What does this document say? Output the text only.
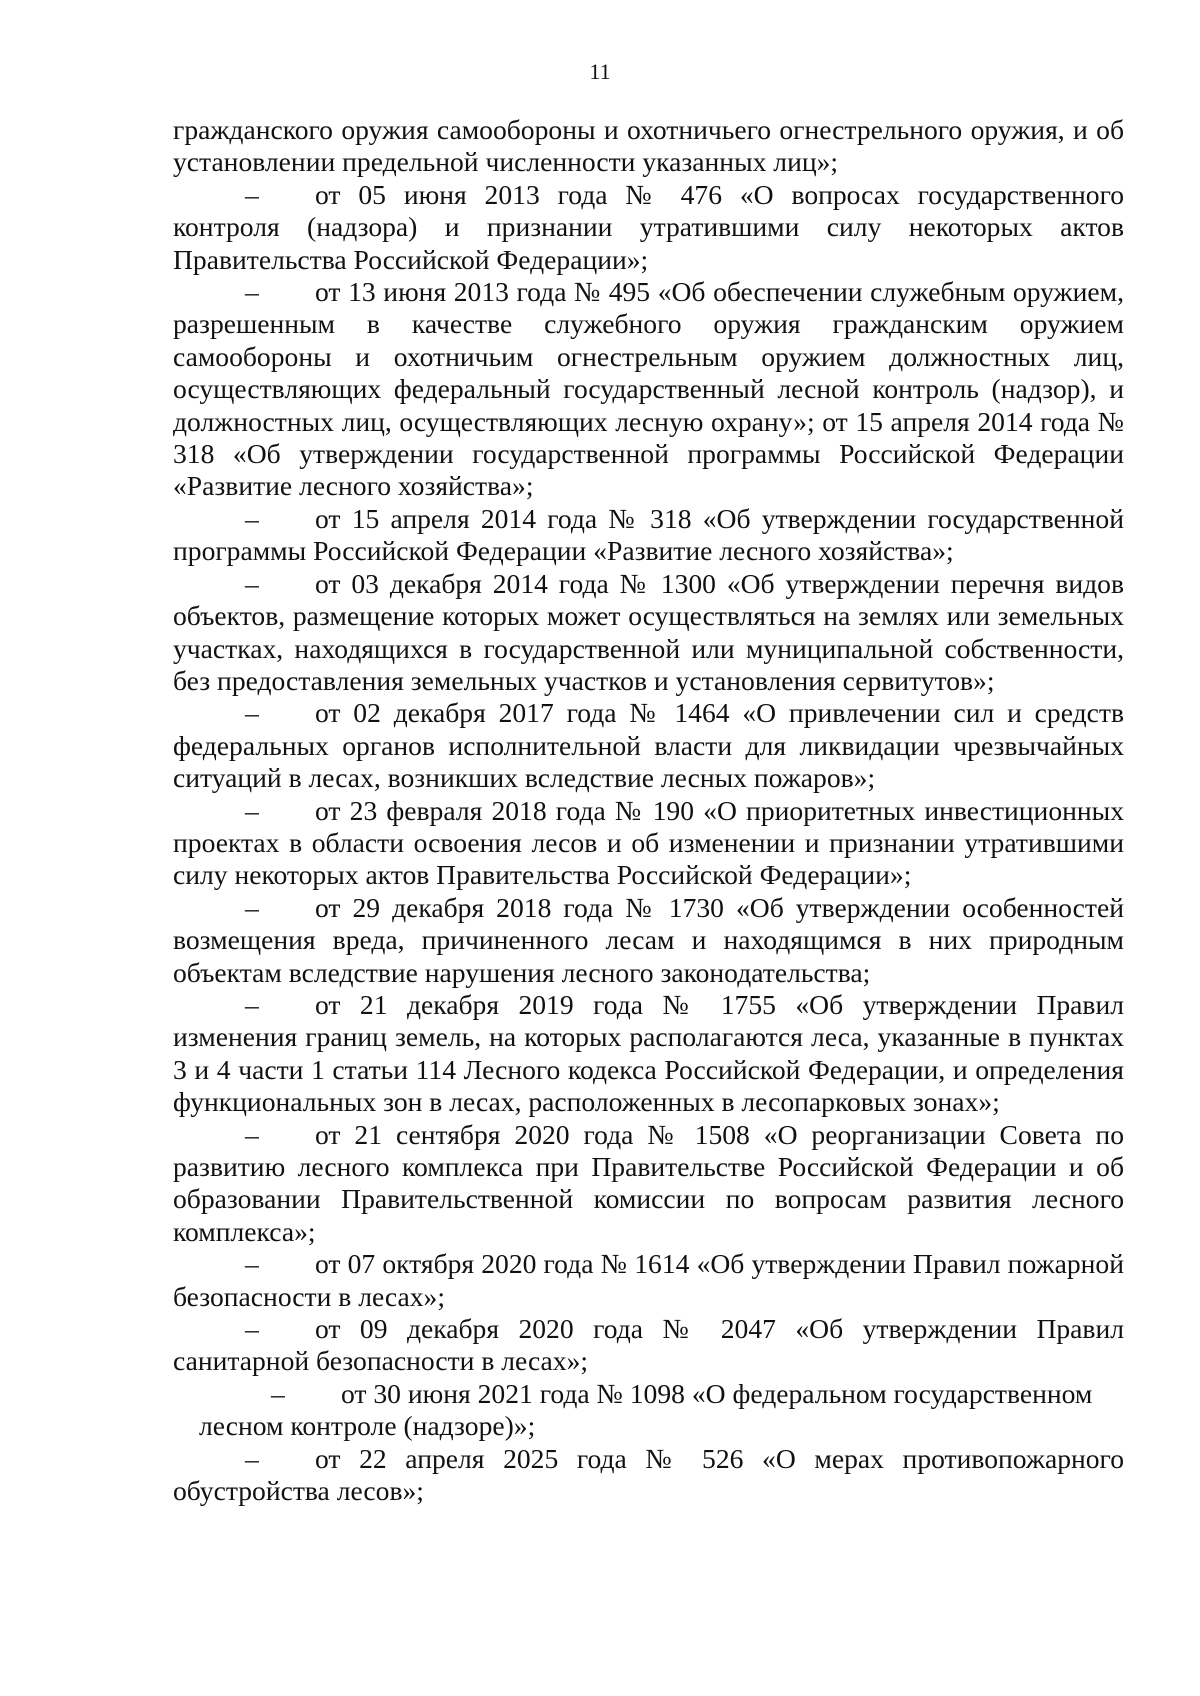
11

гражданского оружия самообороны и охотничьего огнестрельного оружия, и об установлении предельной численности указанных лиц»;

– от 05 июня 2013 года № 476 «О вопросах государственного контроля (надзора) и признании утратившими силу некоторых актов Правительства Российской Федерации»;

– от 13 июня 2013 года № 495 «Об обеспечении служебным оружием, разрешенным в качестве служебного оружия гражданским оружием самообороны и охотничьим огнестрельным оружием должностных лиц, осуществляющих федеральный государственный лесной контроль (надзор), и должностных лиц, осуществляющих лесную охрану»; от 15 апреля 2014 года № 318 «Об утверждении государственной программы Российской Федерации «Развитие лесного хозяйства»;

– от 15 апреля 2014 года № 318 «Об утверждении государственной программы Российской Федерации «Развитие лесного хозяйства»;

– от 03 декабря 2014 года № 1300 «Об утверждении перечня видов объектов, размещение которых может осуществляться на землях или земельных участках, находящихся в государственной или муниципальной собственности, без предоставления земельных участков и установления сервитутов»;

– от 02 декабря 2017 года № 1464 «О привлечении сил и средств федеральных органов исполнительной власти для ликвидации чрезвычайных ситуаций в лесах, возникших вследствие лесных пожаров»;

– от 23 февраля 2018 года № 190 «О приоритетных инвестиционных проектах в области освоения лесов и об изменении и признании утратившими силу некоторых актов Правительства Российской Федерации»;

– от 29 декабря 2018 года № 1730 «Об утверждении особенностей возмещения вреда, причиненного лесам и находящимся в них природным объектам вследствие нарушения лесного законодательства;

– от 21 декабря 2019 года № 1755 «Об утверждении Правил изменения границ земель, на которых располагаются леса, указанные в пунктах 3 и 4 части 1 статьи 114 Лесного кодекса Российской Федерации, и определения функциональных зон в лесах, расположенных в лесопарковых зонах»;

– от 21 сентября 2020 года № 1508 «О реорганизации Совета по развитию лесного комплекса при Правительстве Российской Федерации и об образовании Правительственной комиссии по вопросам развития лесного комплекса»;

– от 07 октября 2020 года № 1614 «Об утверждении Правил пожарной безопасности в лесах»;

– от 09 декабря 2020 года № 2047 «Об утверждении Правил санитарной безопасности в лесах»;

– от 30 июня 2021 года № 1098 «О федеральном государственном лесном контроле (надзоре)»;

– от 22 апреля 2025 года № 526 «О мерах противопожарного обустройства лесов»;
